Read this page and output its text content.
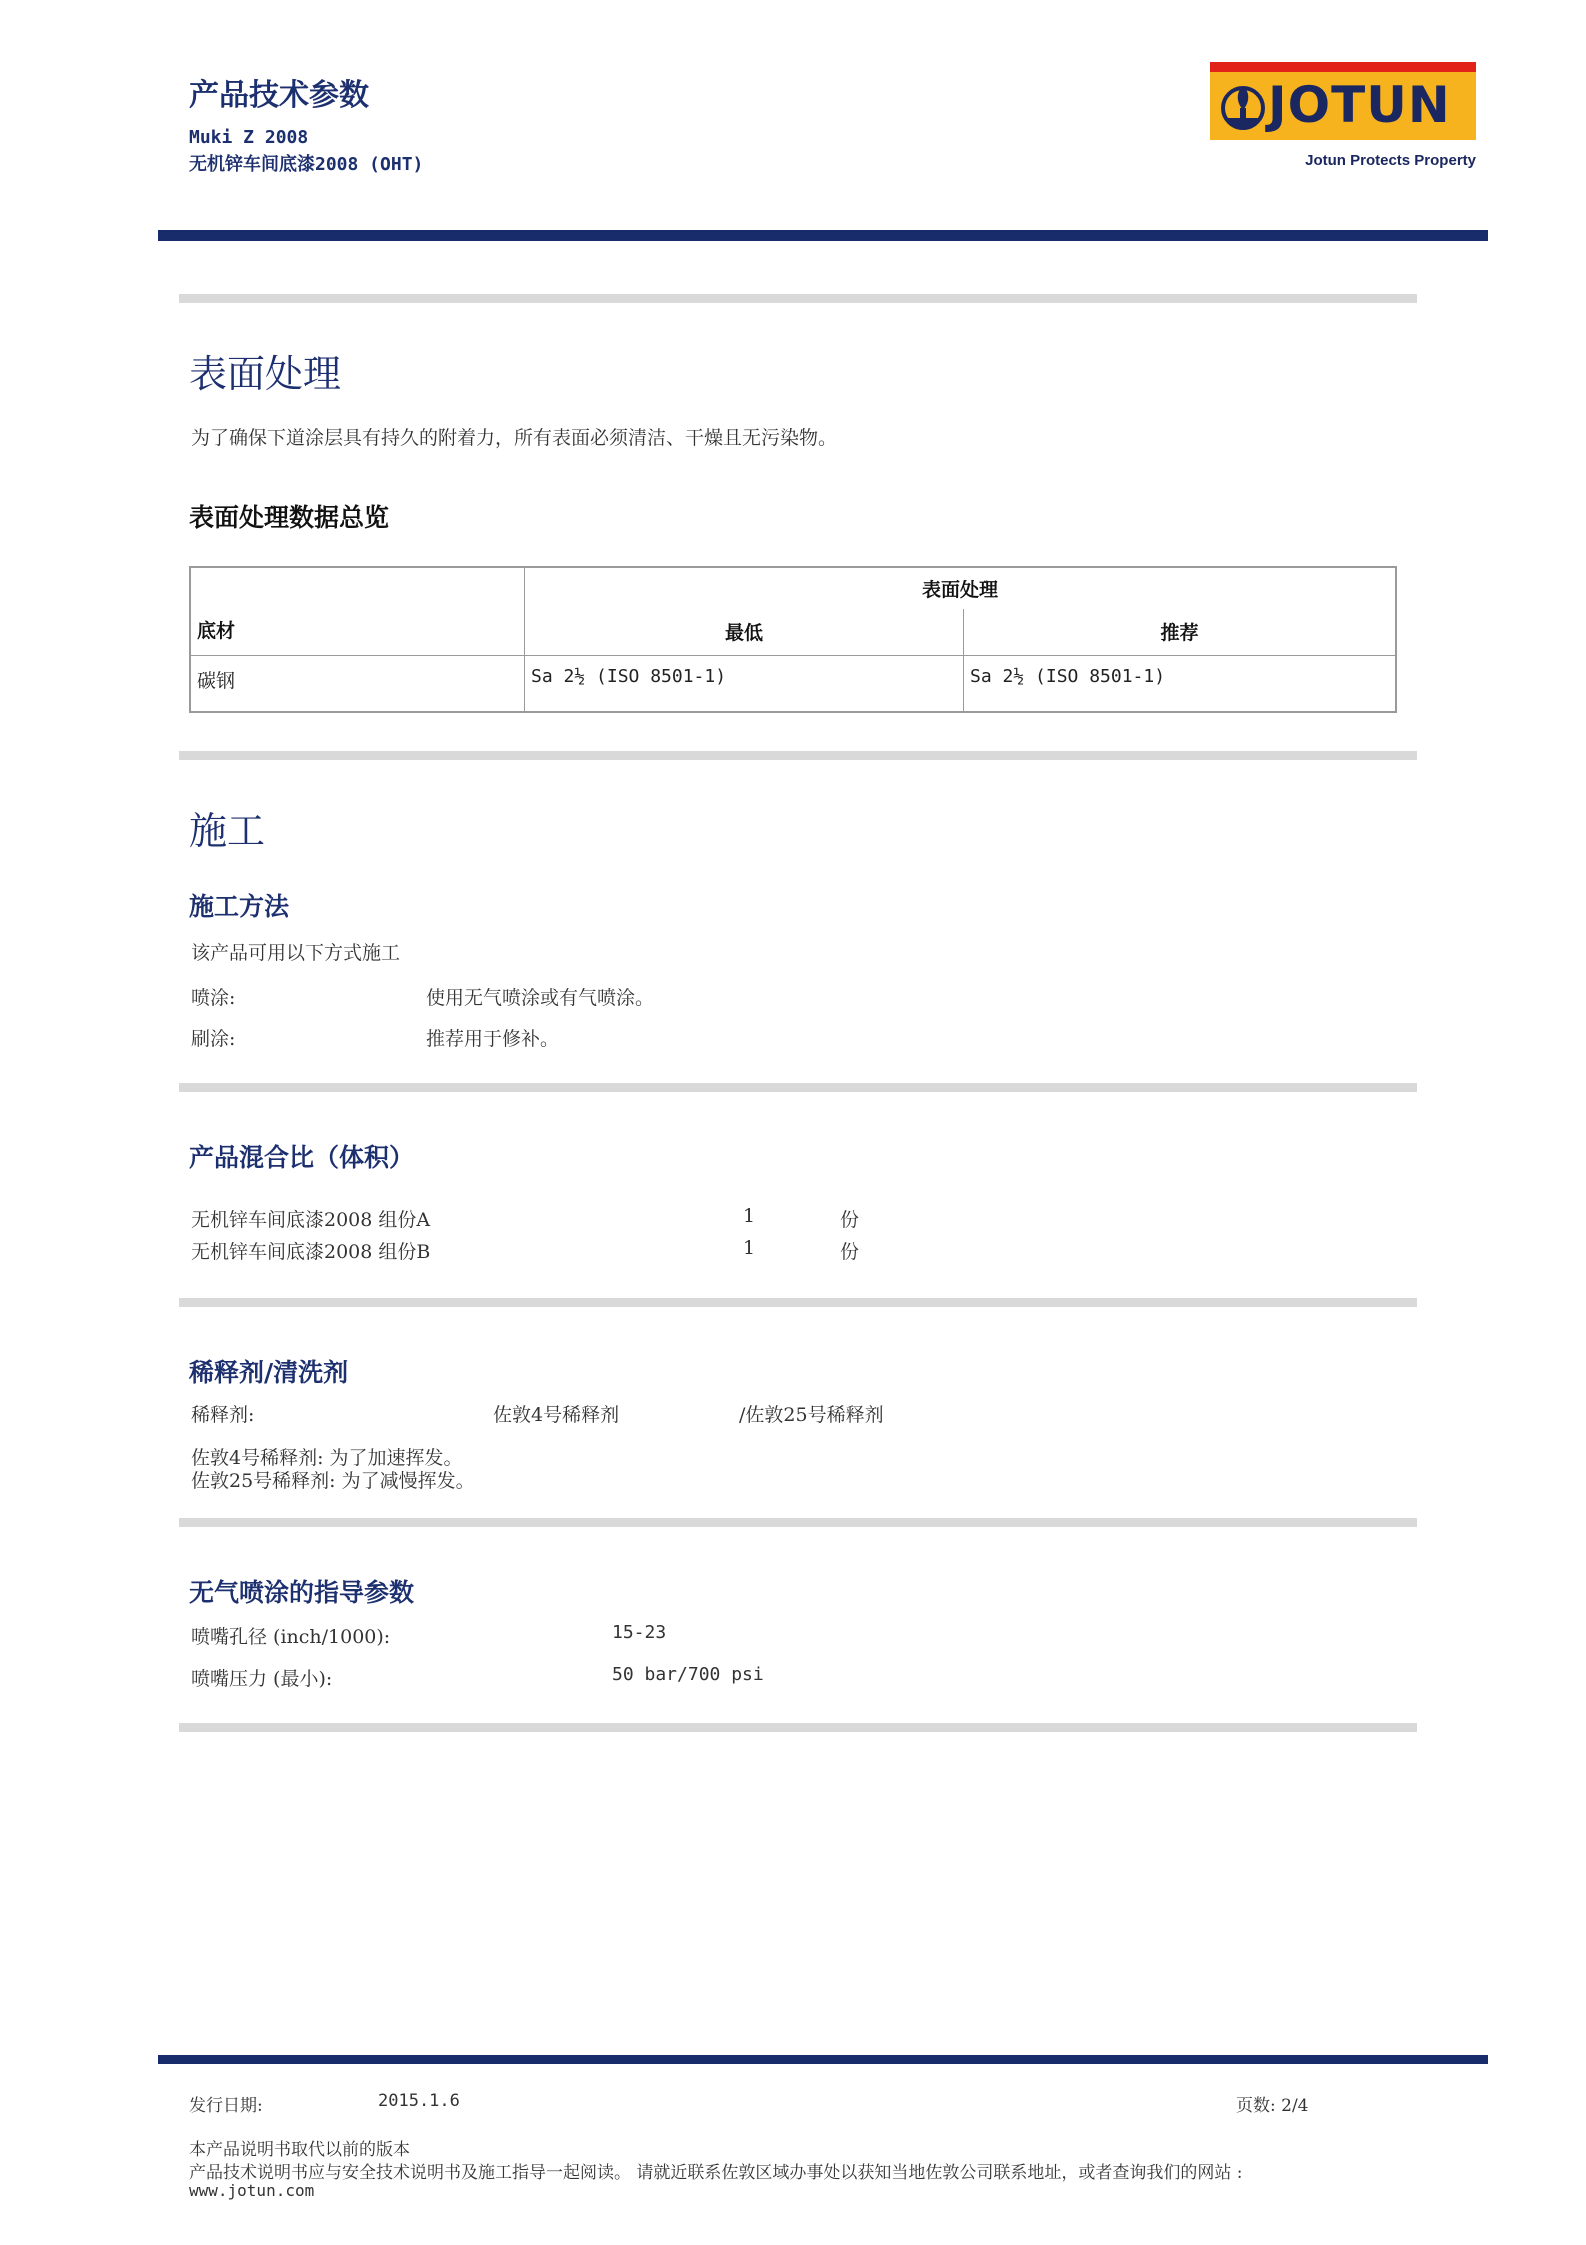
产品技术参数
Muki Z 2008
无机锌车间底漆2008 (OHT)
JOTUN
Jotun Protects Property
表面处理
为了确保下道涂层具有持久的附着力，所有表面必须清洁、干燥且无污染物。
表面处理数据总览
底材	表面处理	
	最低	推荐
碳钢	Sa 2½ (ISO 8501-1)	Sa 2½ (ISO 8501-1)
施工
施工方法
该产品可用以下方式施工
喷涂:	使用无气喷涂或有气喷涂。
刷涂:	推荐用于修补。
产品混合比（体积）
无机锌车间底漆2008 组份A	1	份
无机锌车间底漆2008 组份B	1	份
稀释剂/清洗剂
稀释剂:	佐敦4号稀释剂	/佐敦25号稀释剂
佐敦4号稀释剂: 为了加速挥发。
佐敦25号稀释剂: 为了减慢挥发。
无气喷涂的指导参数
喷嘴孔径 (inch/1000):	15-23
喷嘴压力 (最小):	50 bar/700 psi
发行日期:	2015.1.6	页数: 2/4
本产品说明书取代以前的版本
产品技术说明书应与安全技术说明书及施工指导一起阅读。 请就近联系佐敦区域办事处以获知当地佐敦公司联系地址，或者查询我们的网站 :
www.jotun.com
